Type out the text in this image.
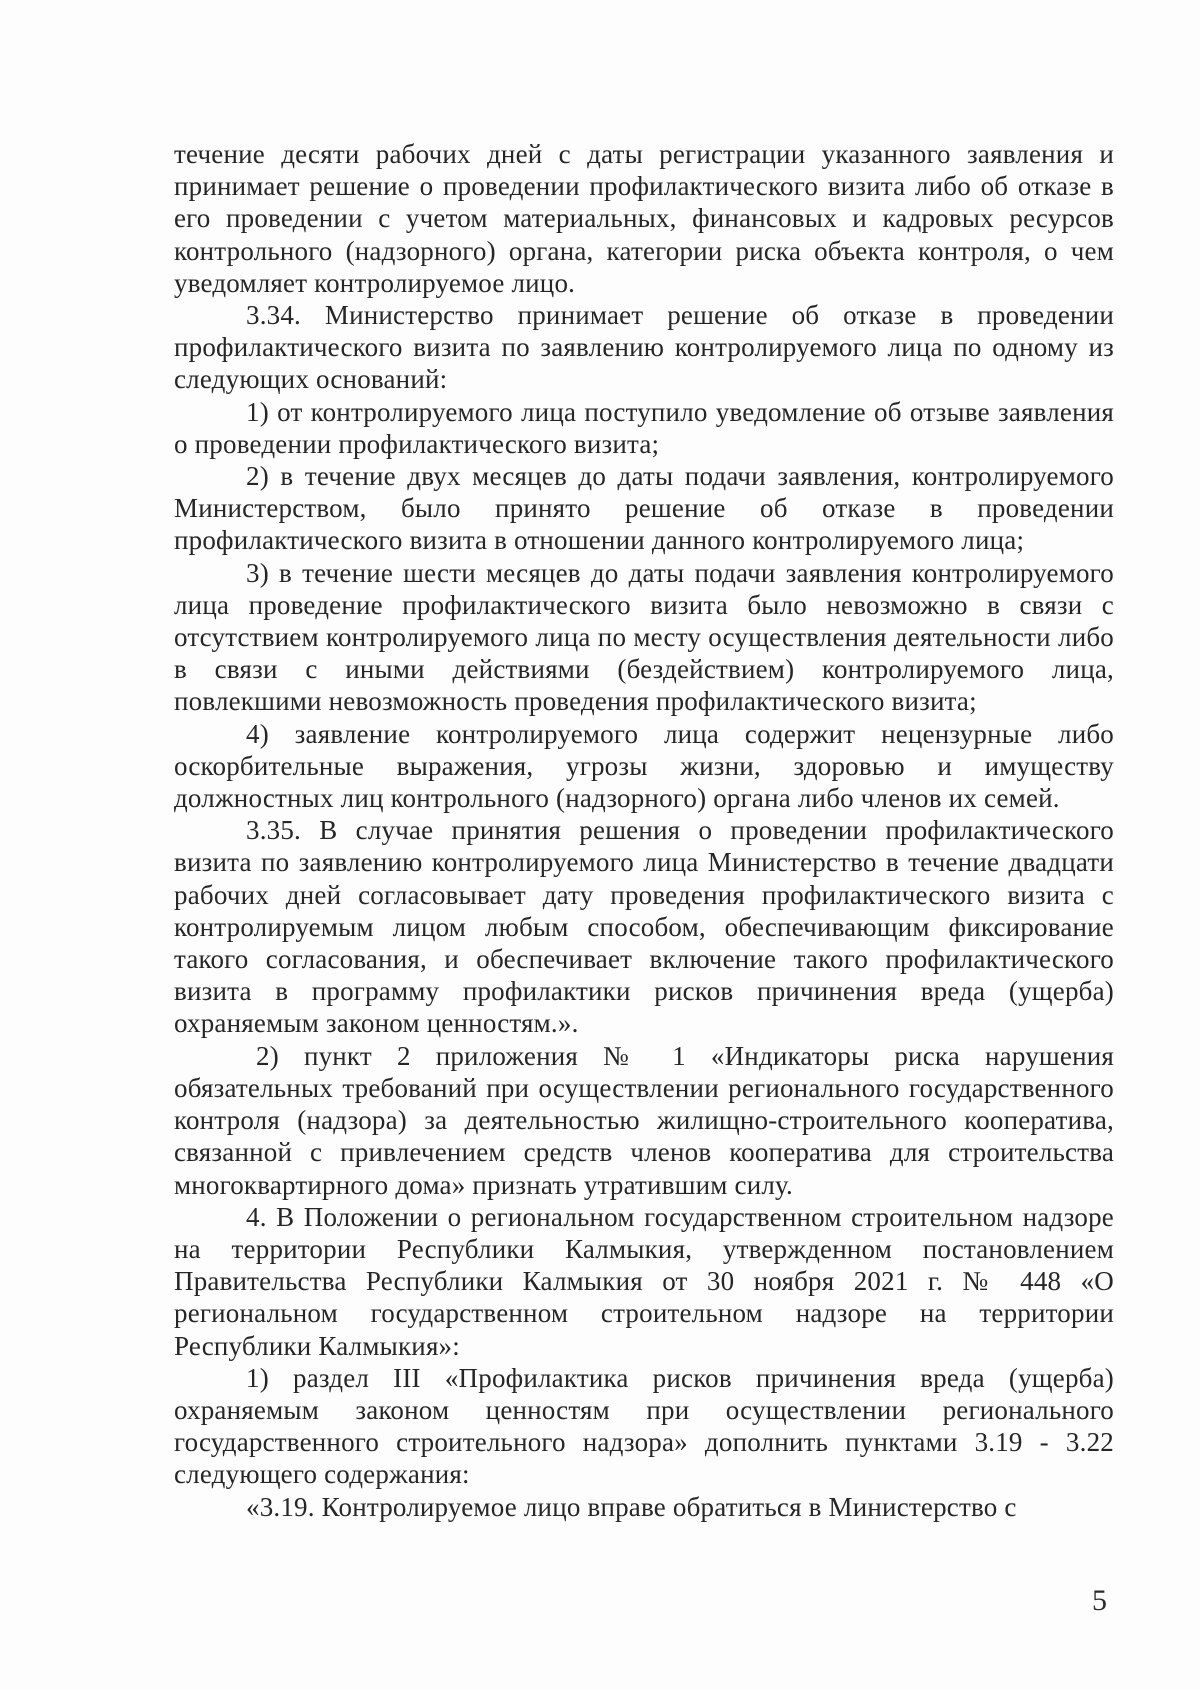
течение десяти рабочих дней с даты регистрации указанного заявления и принимает решение о проведении профилактического визита либо об отказе в его проведении с учетом материальных, финансовых и кадровых ресурсов контрольного (надзорного) органа, категории риска объекта контроля, о чем уведомляет контролируемое лицо.

3.34. Министерство принимает решение об отказе в проведении профилактического визита по заявлению контролируемого лица по одному из следующих оснований:

1) от контролируемого лица поступило уведомление об отзыве заявления о проведении профилактического визита;

2) в течение двух месяцев до даты подачи заявления, контролируемого Министерством, было принято решение об отказе в проведении профилактического визита в отношении данного контролируемого лица;

3) в течение шести месяцев до даты подачи заявления контролируемого лица проведение профилактического визита было невозможно в связи с отсутствием контролируемого лица по месту осуществления деятельности либо в связи с иными действиями (бездействием) контролируемого лица, повлекшими невозможность проведения профилактического визита;

4) заявление контролируемого лица содержит нецензурные либо оскорбительные выражения, угрозы жизни, здоровью и имуществу должностных лиц контрольного (надзорного) органа либо членов их семей.

3.35. В случае принятия решения о проведении профилактического визита по заявлению контролируемого лица Министерство в течение двадцати рабочих дней согласовывает дату проведения профилактического визита с контролируемым лицом любым способом, обеспечивающим фиксирование такого согласования, и обеспечивает включение такого профилактического визита в программу профилактики рисков причинения вреда (ущерба) охраняемым законом ценностям.».

2) пункт 2 приложения № 1 «Индикаторы риска нарушения обязательных требований при осуществлении регионального государственного контроля (надзора) за деятельностью жилищно-строительного кооператива, связанной с привлечением средств членов кооператива для строительства многоквартирного дома» признать утратившим силу.

4. В Положении о региональном государственном строительном надзоре на территории Республики Калмыкия, утвержденном постановлением Правительства Республики Калмыкия от 30 ноября 2021 г. № 448 «О региональном государственном строительном надзоре на территории Республики Калмыкия»:

1) раздел III «Профилактика рисков причинения вреда (ущерба) охраняемым законом ценностям при осуществлении регионального государственного строительного надзора» дополнить пунктами 3.19 - 3.22 следующего содержания:

«3.19. Контролируемое лицо вправе обратиться в Министерство с

5
